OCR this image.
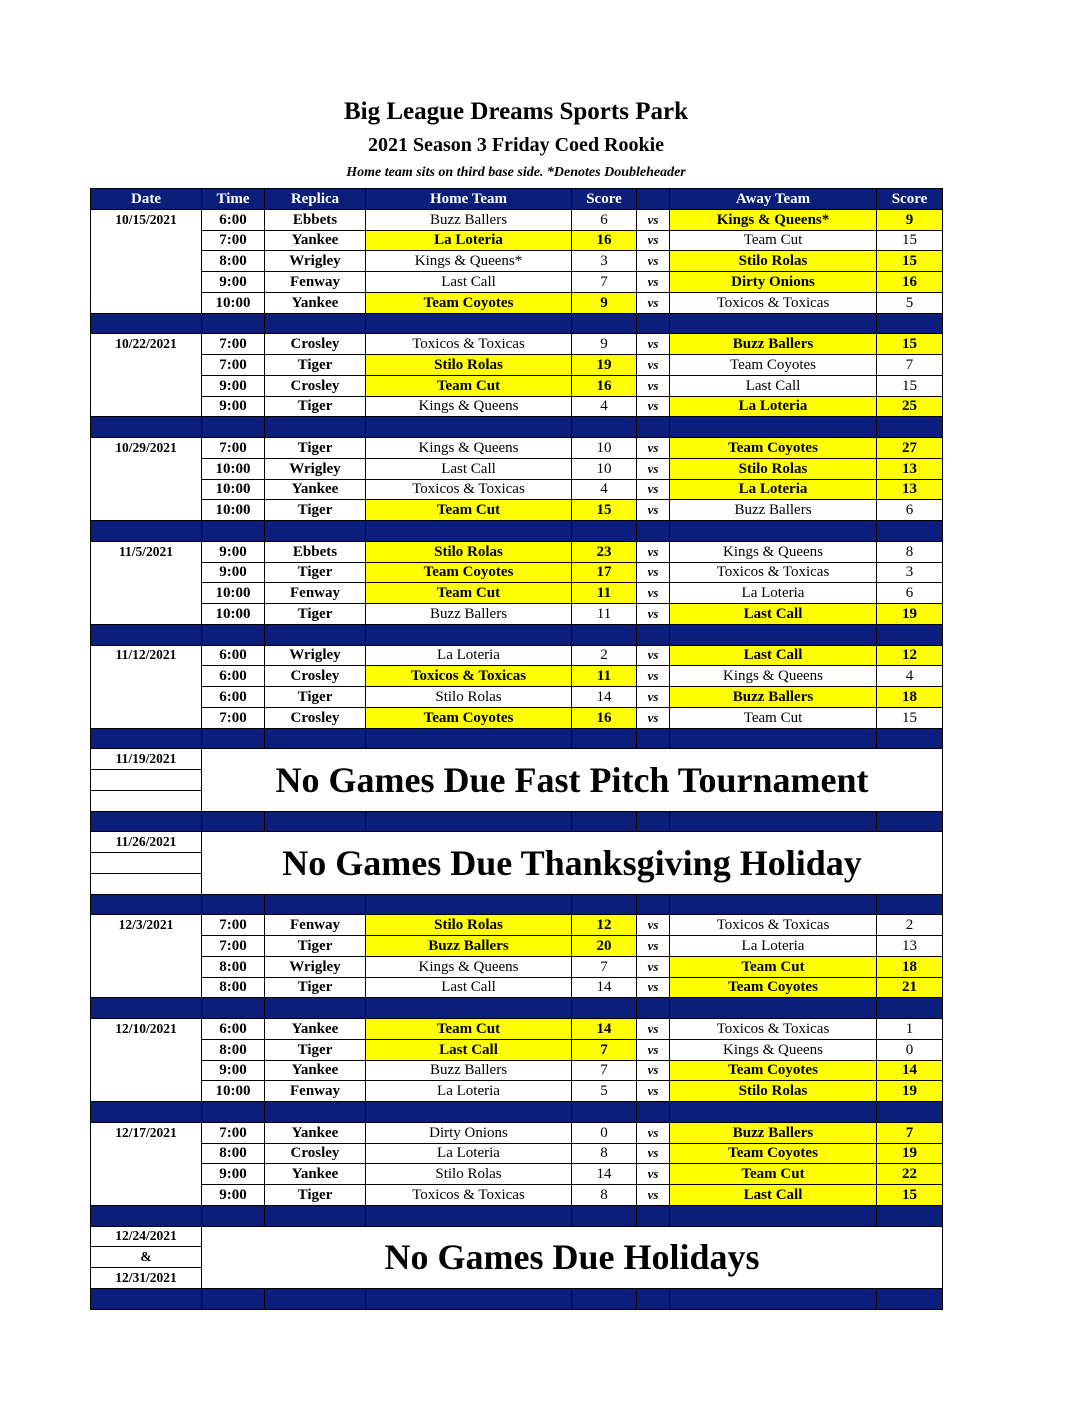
Big League Dreams Sports Park
2021 Season 3 Friday Coed Rookie
Home team sits on third base side. *Denotes Doubleheader
Date	Time	Replica	Home Team	Score		Away Team	Score
10/15/2021	6:00	Ebbets	Buzz Ballers	6	vs	Kings & Queens*	9
	7:00	Yankee	La Loteria	16	vs	Team Cut	15
	8:00	Wrigley	Kings & Queens*	3	vs	Stilo Rolas	15
	9:00	Fenway	Last Call	7	vs	Dirty Onions	16
	10:00	Yankee	Team Coyotes	9	vs	Toxicos & Toxicas	5

10/22/2021	7:00	Crosley	Toxicos & Toxicas	9	vs	Buzz Ballers	15
	7:00	Tiger	Stilo Rolas	19	vs	Team Coyotes	7
	9:00	Crosley	Team Cut	16	vs	Last Call	15
	9:00	Tiger	Kings & Queens	4	vs	La Loteria	25

10/29/2021	7:00	Tiger	Kings & Queens	10	vs	Team Coyotes	27
	10:00	Wrigley	Last Call	10	vs	Stilo Rolas	13
	10:00	Yankee	Toxicos & Toxicas	4	vs	La Loteria	13
	10:00	Tiger	Team Cut	15	vs	Buzz Ballers	6

11/5/2021	9:00	Ebbets	Stilo Rolas	23	vs	Kings & Queens	8
	9:00	Tiger	Team Coyotes	17	vs	Toxicos & Toxicas	3
	10:00	Fenway	Team Cut	11	vs	La Loteria	6
	10:00	Tiger	Buzz Ballers	11	vs	Last Call	19

11/12/2021	6:00	Wrigley	La Loteria	2	vs	Last Call	12
	6:00	Crosley	Toxicos & Toxicas	11	vs	Kings & Queens	4
	6:00	Tiger	Stilo Rolas	14	vs	Buzz Ballers	18
	7:00	Crosley	Team Coyotes	16	vs	Team Cut	15

11/19/2021	No Games Due Fast Pitch Tournament						

11/26/2021	No Games Due Thanksgiving Holiday						

12/3/2021	7:00	Fenway	Stilo Rolas	12	vs	Toxicos & Toxicas	2
	7:00	Tiger	Buzz Ballers	20	vs	La Loteria	13
	8:00	Wrigley	Kings & Queens	7	vs	Team Cut	18
	8:00	Tiger	Last Call	14	vs	Team Coyotes	21

12/10/2021	6:00	Yankee	Team Cut	14	vs	Toxicos & Toxicas	1
	8:00	Tiger	Last Call	7	vs	Kings & Queens	0
	9:00	Yankee	Buzz Ballers	7	vs	Team Coyotes	14
	10:00	Fenway	La Loteria	5	vs	Stilo Rolas	19

12/17/2021	7:00	Yankee	Dirty Onions	0	vs	Buzz Ballers	7
	8:00	Crosley	La Loteria	8	vs	Team Coyotes	19
	9:00	Yankee	Stilo Rolas	14	vs	Team Cut	22
	9:00	Tiger	Toxicos & Toxicas	8	vs	Last Call	15

12/24/2021	No Games Due Holidays						
&							
12/31/2021							
